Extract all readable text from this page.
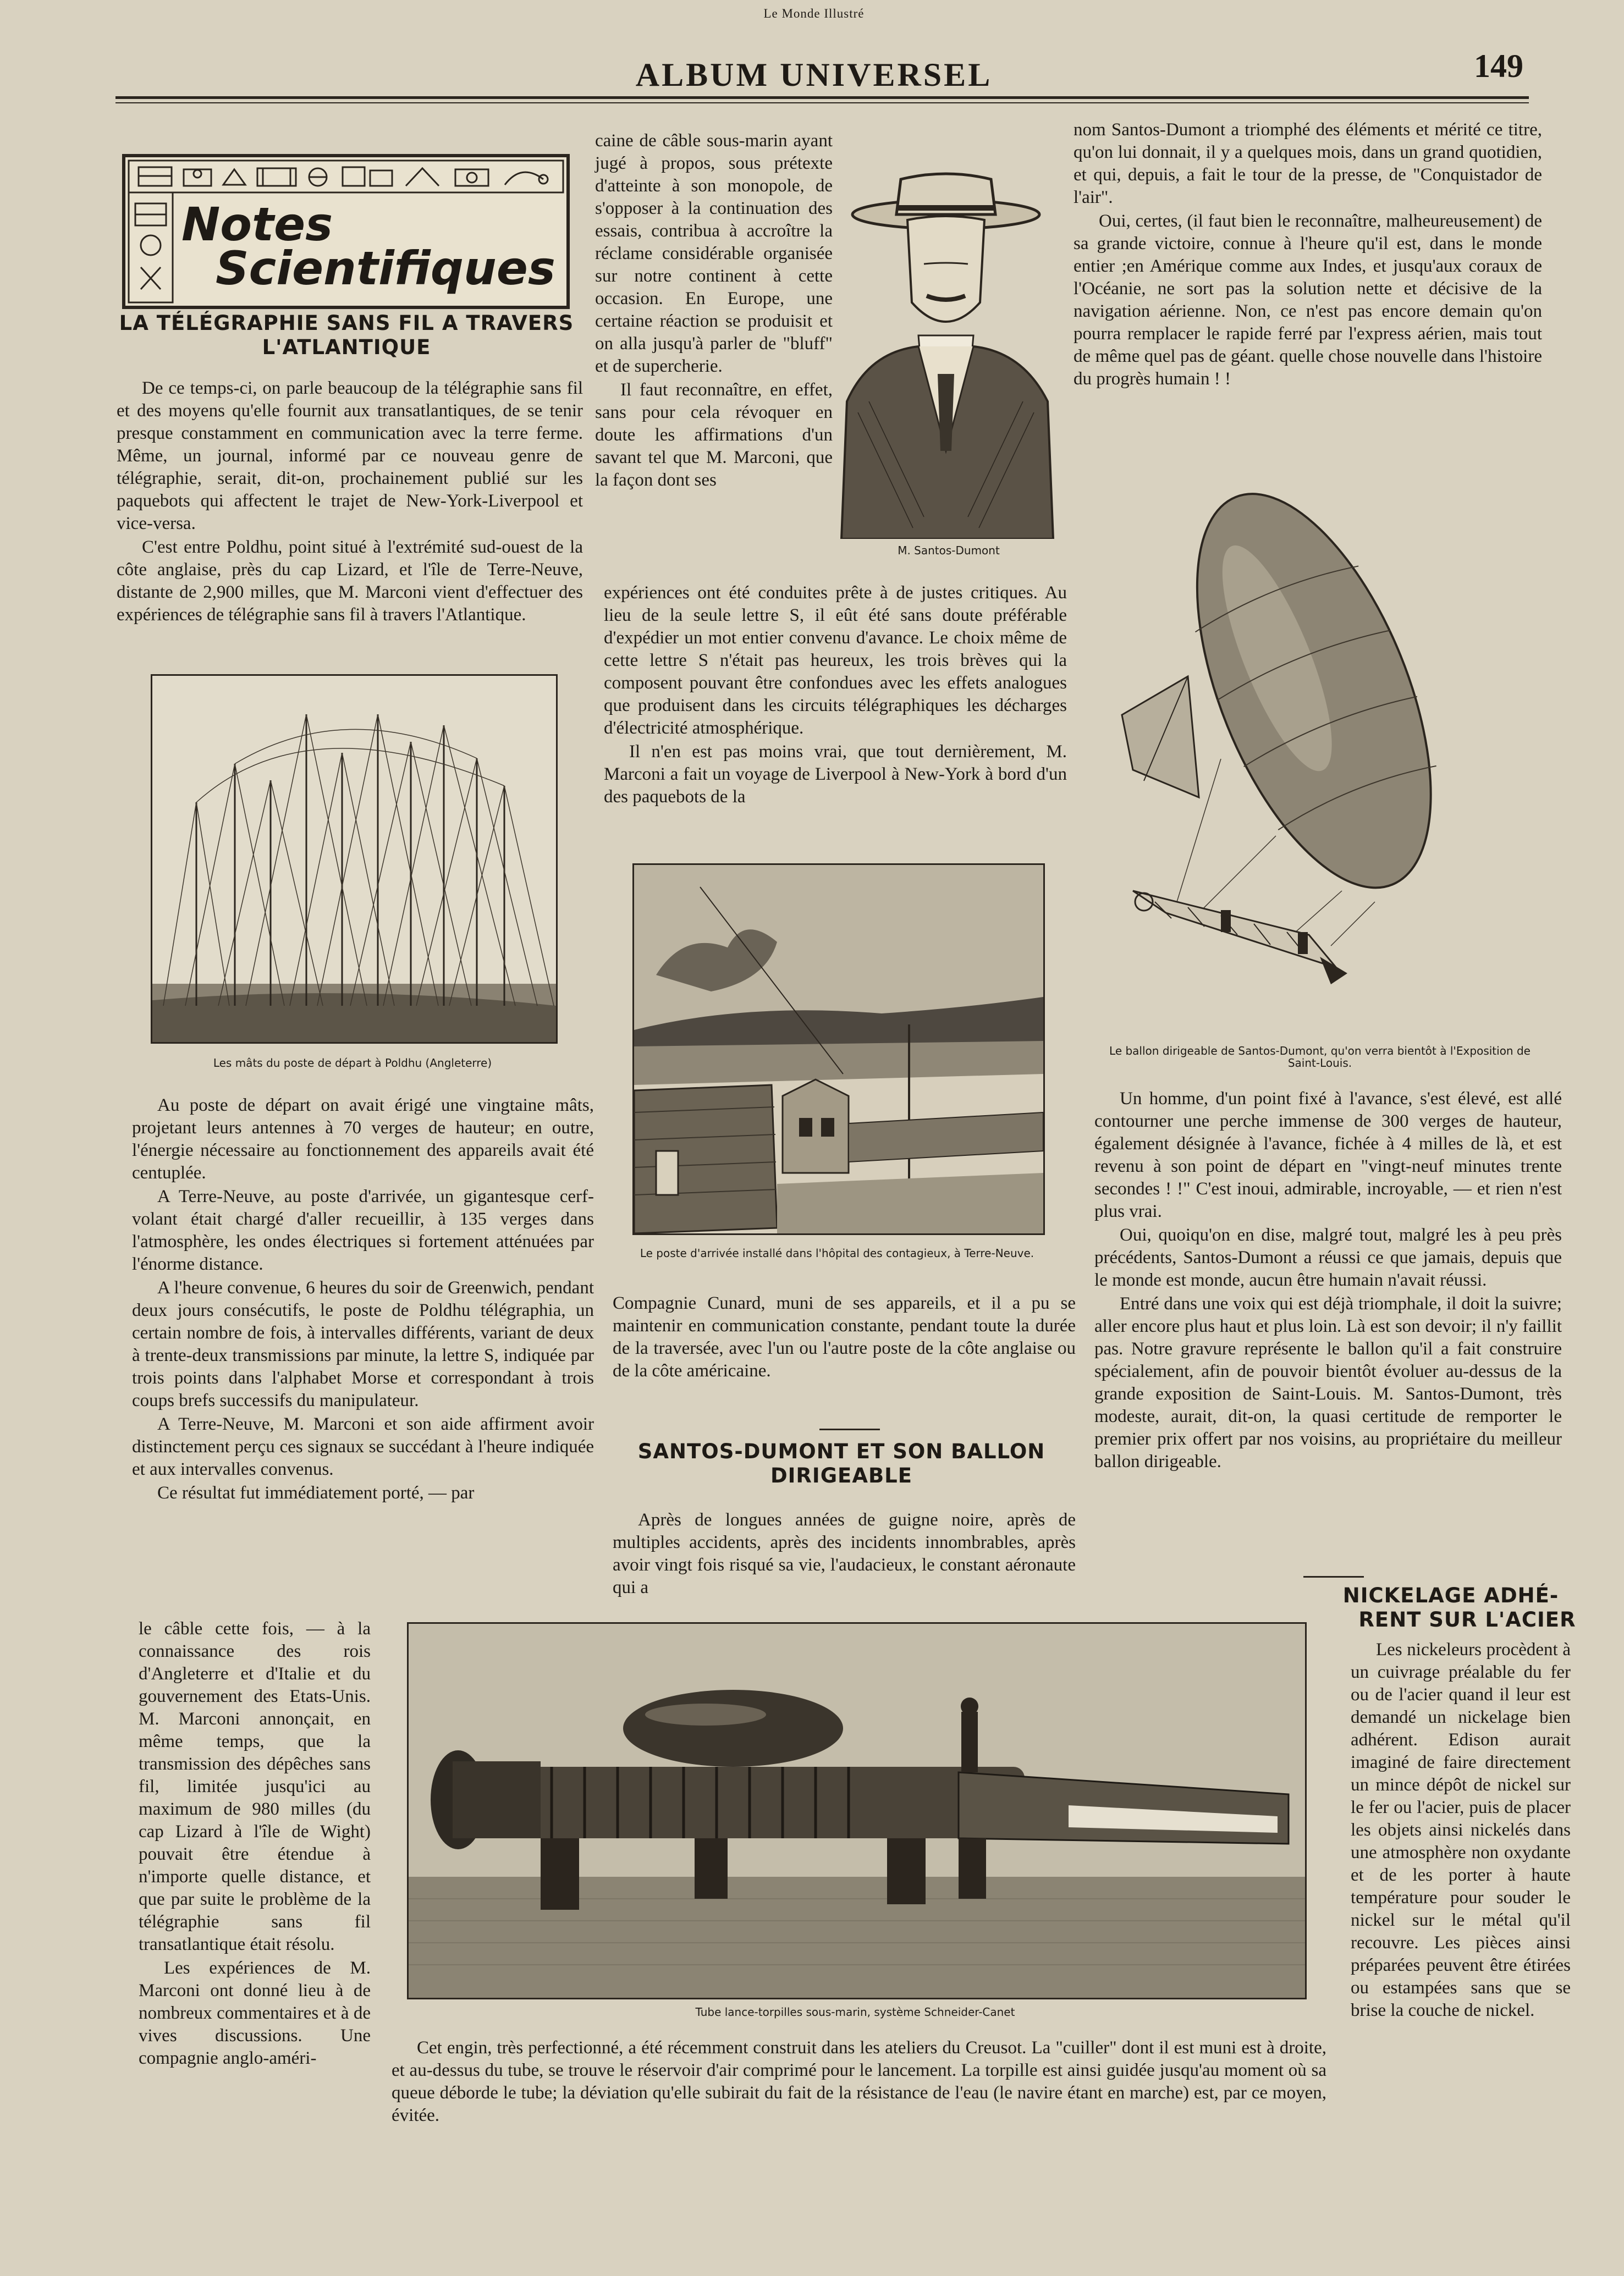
Le Monde Illustré
ALBUM UNIVERSEL	149
Notes
Scientifiques
LA TÉLÉGRAPHIE SANS FIL A TRAVERS L'ATLANTIQUE

De ce temps-ci, on parle beaucoup de la télégraphie sans fil et des moyens qu'elle fournit aux transatlantiques, de se tenir presque constamment en communication avec la terre ferme. Même, un journal, informé par ce nouveau genre de télégraphie, serait, dit-on, prochainement publié sur les paquebots qui affectent le trajet de New-York-Liverpool et vice-versa.

C'est entre Poldhu, point situé à l'extrémité sud-ouest de la côte anglaise, près du cap Lizard, et l'île de Terre-Neuve, distante de 2,900 milles, que M. Marconi vient d'effectuer des expériences de télégraphie sans fil à travers l'Atlantique.

Les mâts du poste de départ à Poldhu (Angleterre)

Au poste de départ on avait érigé une vingtaine mâts, projetant leurs antennes à 70 verges de hauteur; en outre, l'énergie nécessaire au fonctionnement des appareils avait été centuplée.

A Terre-Neuve, au poste d'arrivée, un gigantesque cerf-volant était chargé d'aller recueillir, à 135 verges dans l'atmosphère, les ondes électriques si fortement atténuées par l'énorme distance.

A l'heure convenue, 6 heures du soir de Greenwich, pendant deux jours consécutifs, le poste de Poldhu télégraphia, un certain nombre de fois, à intervalles différents, variant de deux à trente-deux transmissions par minute, la lettre S, indiquée par trois points dans l'alphabet Morse et correspondant à trois coups brefs successifs du manipulateur.

A Terre-Neuve, M. Marconi et son aide affirment avoir distinctement perçu ces signaux se succédant à l'heure indiquée et aux intervalles convenus.

Ce résultat fut immédiatement porté, — par

le câble cette fois, — à la connaissance des rois d'Angleterre et d'Italie et du gouvernement des Etats-Unis. M. Marconi annonçait, en même temps, que la transmission des dépêches sans fil, limitée jusqu'ici au maximum de 980 milles (du cap Lizard à l'île de Wight) pouvait être étendue à n'importe quelle distance, et que par suite le problème de la télégraphie sans fil transatlantique était résolu.

Les expériences de M. Marconi ont donné lieu à de nombreux commentaires et à de vives discussions. Une compagnie anglo-améri-

caine de câble sous-marin ayant jugé à propos, sous prétexte d'atteinte à son monopole, de s'opposer à la continuation des essais, contribua à accroître la réclame considérable organisée sur notre continent à cette occasion. En Europe, une certaine réaction se produisit et on alla jusqu'à parler de "bluff" et de supercherie.

Il faut reconnaître, en effet, sans pour cela révoquer en doute les affirmations d'un savant tel que M. Marconi, que la façon dont ses

M. Santos-Dumont

expériences ont été conduites prête à de justes critiques. Au lieu de la seule lettre S, il eût été sans doute préférable d'expédier un mot entier convenu d'avance. Le choix même de cette lettre S n'était pas heureux, les trois brèves qui la composent pouvant être confondues avec les effets analogues que produisent dans les circuits télégraphiques les décharges d'électricité atmosphérique.

Il n'en est pas moins vrai, que tout dernièrement, M. Marconi a fait un voyage de Liverpool à New-York à bord d'un des paquebots de la

Le poste d'arrivée installé dans l'hôpital des contagieux, à Terre-Neuve.

Compagnie Cunard, muni de ses appareils, et il a pu se maintenir en communication constante, pendant toute la durée de la traversée, avec l'un ou l'autre poste de la côte anglaise ou de la côte américaine.

SANTOS-DUMONT ET SON BALLON DIRIGEABLE

Après de longues années de guigne noire, après de multiples accidents, après des incidents innombrables, après avoir vingt fois risqué sa vie, l'audacieux, le constant aéronaute qui a

nom Santos-Dumont a triomphé des éléments et mérité ce titre, qu'on lui donnait, il y a quelques mois, dans un grand quotidien, et qui, depuis, a fait le tour de la presse, de "Conquistador de l'air".

Oui, certes, (il faut bien le reconnaître, malheureusement) de sa grande victoire, connue à l'heure qu'il est, dans le monde entier ;en Amérique comme aux Indes, et jusqu'aux coraux de l'Océanie, ne sort pas la solution nette et décisive de la navigation aérienne. Non, ce n'est pas encore demain qu'on pourra remplacer le rapide ferré par l'express aérien, mais tout de même quel pas de géant. quelle chose nouvelle dans l'histoire du progrès humain ! !

Le ballon dirigeable de Santos-Dumont, qu'on verra bientôt à l'Exposition de Saint-Louis.

Un homme, d'un point fixé à l'avance, s'est élevé, est allé contourner une perche immense de 300 verges de hauteur, également désignée à l'avance, fichée à 4 milles de là, et est revenu à son point de départ en "vingt-neuf minutes trente secondes ! !" C'est inoui, admirable, incroyable, — et rien n'est plus vrai.

Oui, quoiqu'on en dise, malgré tout, malgré les à peu près précédents, Santos-Dumont a réussi ce que jamais, depuis que le monde est monde, aucun être humain n'avait réussi.

Entré dans une voix qui est déjà triomphale, il doit la suivre; aller encore plus haut et plus loin. Là est son devoir; il n'y faillit pas. Notre gravure représente le ballon qu'il a fait construire spécialement, afin de pouvoir bientôt évoluer au-dessus de la grande exposition de Saint-Louis. M. Santos-Dumont, très modeste, aurait, dit-on, la quasi certitude de remporter le premier prix offert par nos voisins, au propriétaire du meilleur ballon dirigeable.

NICKELAGE ADHÉ-
RENT SUR L'ACIER

Les nickeleurs procèdent à un cuivrage préalable du fer ou de l'acier quand il leur est demandé un nickelage bien adhérent. Edison aurait imaginé de faire directement un mince dépôt de nickel sur le fer ou l'acier, puis de placer les objets ainsi nickelés dans une atmosphère non oxydante et de les porter à haute température pour souder le nickel sur le métal qu'il recouvre. Les pièces ainsi préparées peuvent être étirées ou estampées sans que se brise la couche de nickel.

Tube lance-torpilles sous-marin, système Schneider-Canet

Cet engin, très perfectionné, a été récemment construit dans les ateliers du Creusot. La "cuiller" dont il est muni est à droite, et au-dessus du tube, se trouve le réservoir d'air comprimé pour le lancement. La torpille est ainsi guidée jusqu'au moment où sa queue déborde le tube; la déviation qu'elle subirait du fait de la résistance de l'eau (le navire étant en marche) est, par ce moyen, évitée.
